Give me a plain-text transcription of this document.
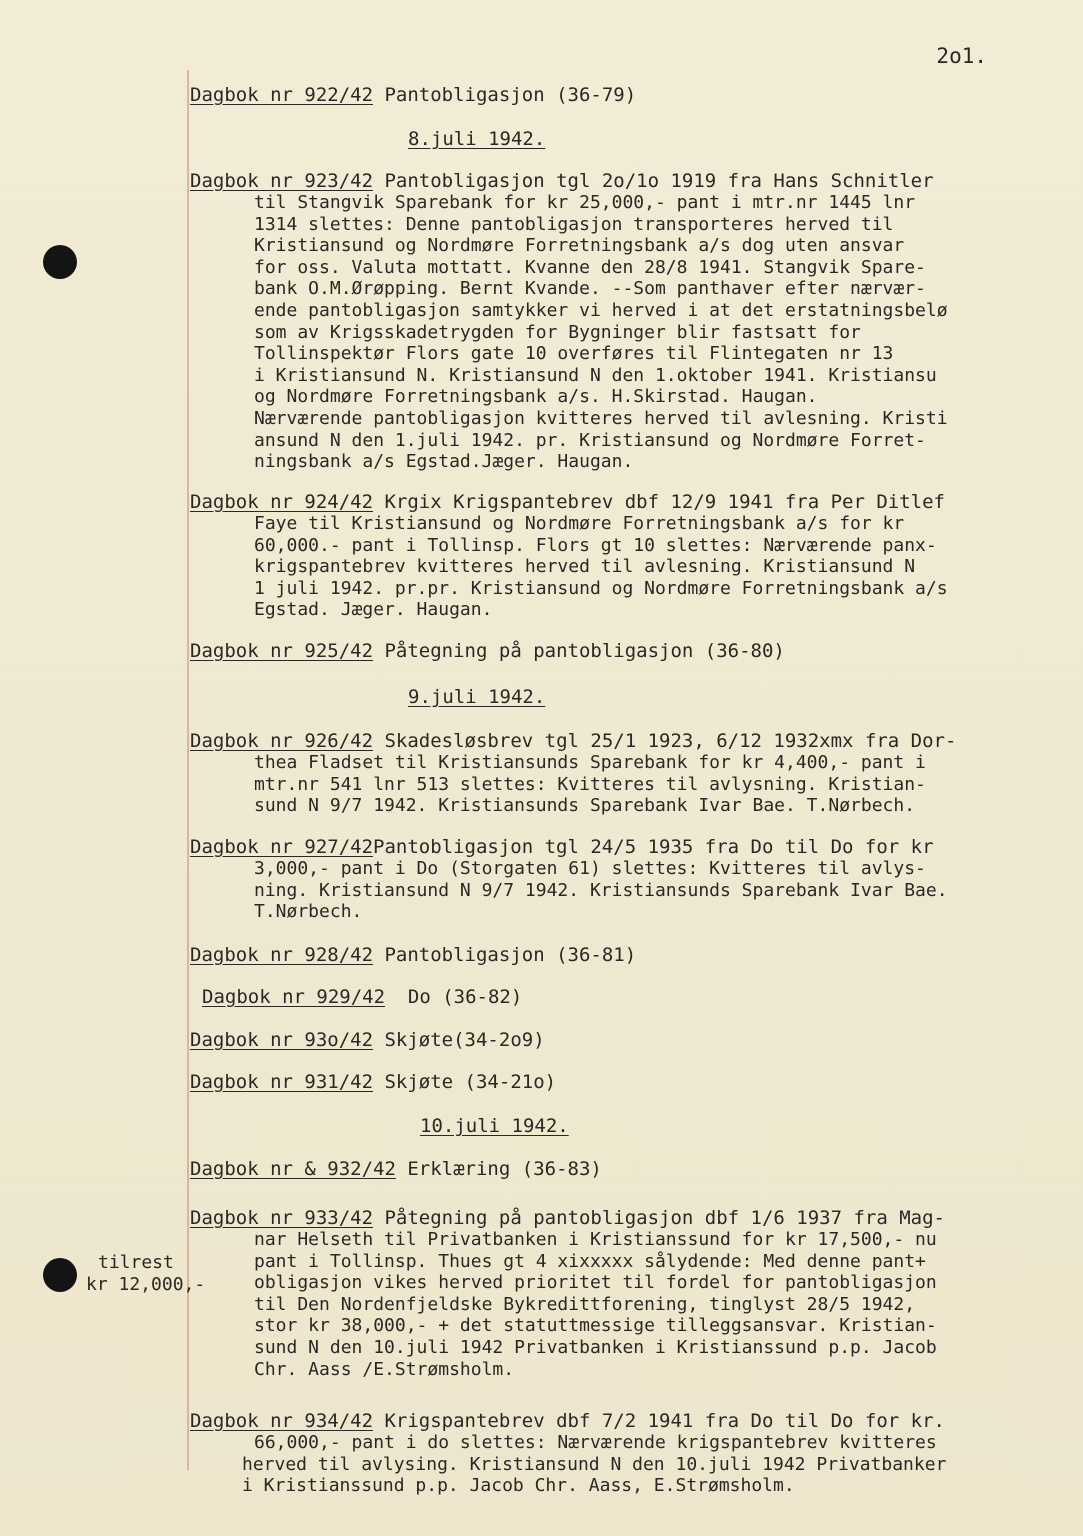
2o1.
Dagbok nr 922/42 Pantobligasjon (36-79)
8.juli 1942.
Dagbok nr 923/42 Pantobligasjon tgl 2o/1o 1919 fra Hans Schnitler
til Stangvik Sparebank for kr 25,000,- pant i mtr.nr 1445 lnr
1314 slettes: Denne pantobligasjon transporteres herved til
Kristiansund og Nordmøre Forretningsbank a/s dog uten ansvar
for oss. Valuta mottatt. Kvanne den 28/8 1941. Stangvik Spare-
bank O.M.Ørøpping. Bernt Kvande. --Som panthaver efter nærvær-
ende pantobligasjon samtykker vi herved i at det erstatningsbelø
som av Krigsskadetrygden for Bygninger blir fastsatt for
Tollinspektør Flors gate 10 overføres til Flintegaten nr 13
i Kristiansund N. Kristiansund N den 1.oktober 1941. Kristiansu
og Nordmøre Forretningsbank a/s. H.Skirstad. Haugan.
Nærværende pantobligasjon kvitteres herved til avlesning. Kristi
ansund N den 1.juli 1942. pr. Kristiansund og Nordmøre Forret-
ningsbank a/s Egstad.Jæger. Haugan.
Dagbok nr 924/42 Krgix Krigspantebrev dbf 12/9 1941 fra Per Ditlef
Faye til Kristiansund og Nordmøre Forretningsbank a/s for kr
60,000.- pant i Tollinsp. Flors gt 10 slettes: Nærværende panx-
krigspantebrev kvitteres herved til avlesning. Kristiansund N
1 juli 1942. pr.pr. Kristiansund og Nordmøre Forretningsbank a/s
Egstad. Jæger. Haugan.
Dagbok nr 925/42 Påtegning på pantobligasjon (36-80)
9.juli 1942.
Dagbok nr 926/42 Skadesløsbrev tgl 25/1 1923, 6/12 1932xmx fra Dor-
thea Fladset til Kristiansunds Sparebank for kr 4,400,- pant i
mtr.nr 541 lnr 513 slettes: Kvitteres til avlysning. Kristian-
sund N 9/7 1942. Kristiansunds Sparebank Ivar Bae. T.Nørbech.
Dagbok nr 927/42Pantobligasjon tgl 24/5 1935 fra Do til Do for kr
3,000,- pant i Do (Storgaten 61) slettes: Kvitteres til avlys-
ning. Kristiansund N 9/7 1942. Kristiansunds Sparebank Ivar Bae.
T.Nørbech.
Dagbok nr 928/42 Pantobligasjon (36-81)
Dagbok nr 929/42 Do (36-82)
Dagbok nr 93o/42 Skjøte(34-2o9)
Dagbok nr 931/42 Skjøte (34-21o)
10.juli 1942.
Dagbok nr & 932/42 Erklæring (36-83)
Dagbok nr 933/42 Påtegning på pantobligasjon dbf 1/6 1937 fra Mag-
nar Helseth til Privatbanken i Kristianssund for kr 17,500,- nu
pant i Tollinsp. Thues gt 4 xixxxxx sålydende: Med denne pant+
obligasjon vikes herved prioritet til fordel for pantobligasjon
til Den Nordenfjeldske Bykredittforening, tinglyst 28/5 1942,
stor kr 38,000,- + det statuttmessige tilleggsansvar. Kristian-
sund N den 10.juli 1942 Privatbanken i Kristianssund p.p. Jacob
Chr. Aass /E.Strømsholm.
tilrest
kr 12,000,-
Dagbok nr 934/42 Krigspantebrev dbf 7/2 1941 fra Do til Do for kr.
66,000,- pant i do slettes: Nærværende krigspantebrev kvitteres
herved til avlysing. Kristiansund N den 10.juli 1942 Privatbanker
i Kristianssund p.p. Jacob Chr. Aass, E.Strømsholm.
